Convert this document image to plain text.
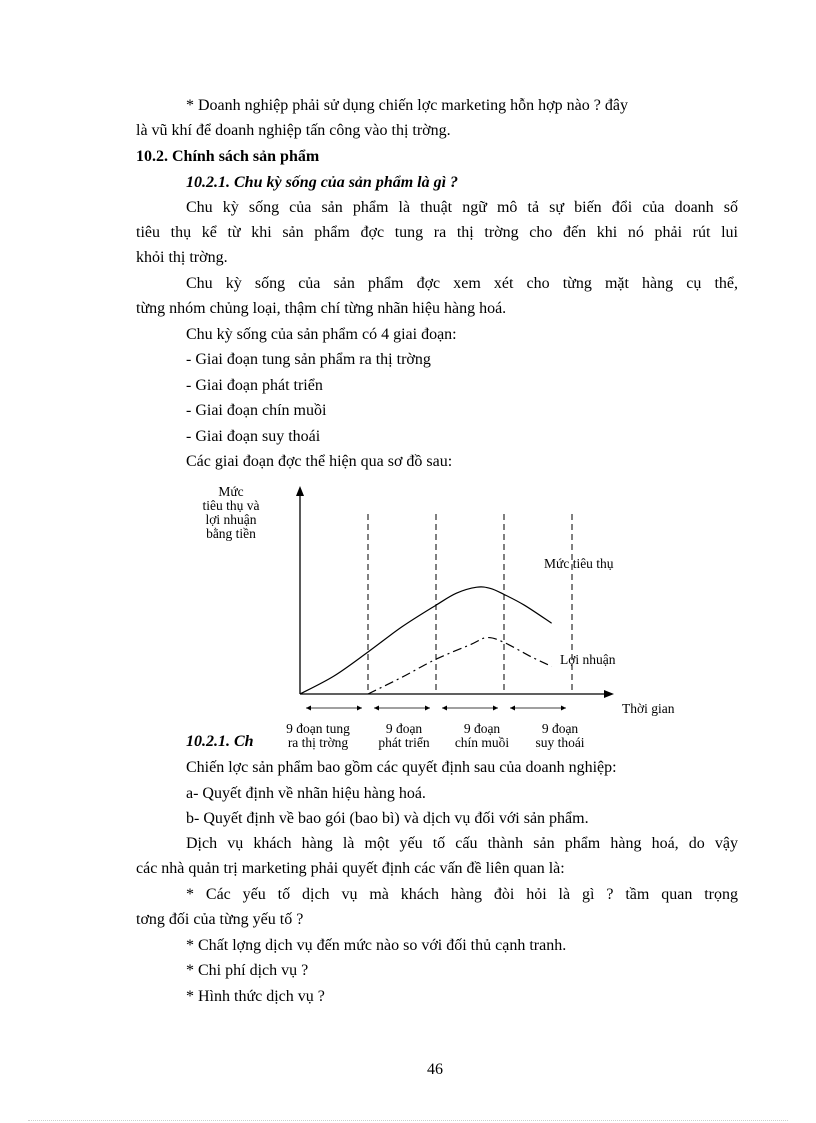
* Doanh nghiệp phải sử dụng chiến lợc marketing hỗn hợp nào ? đây
là vũ khí để doanh nghiệp tấn công vào thị trờng.
10.2. Chính sách sản phẩm
10.2.1. Chu kỳ sống của sản phẩm là gì ?
Chu kỳ sống của sản phẩm là thuật ngữ mô tả sự biến đổi của doanh số
tiêu thụ kể từ khi sản phẩm đợc tung ra thị trờng cho đến khi nó phải rút lui
khỏi thị trờng.
Chu kỳ sống của sản phẩm đợc xem xét cho từng mặt hàng cụ thể,
từng nhóm chủng loại, thậm chí từng nhãn hiệu hàng hoá.
Chu kỳ sống của sản phẩm có 4 giai đoạn:
- Giai đoạn tung sản phẩm ra thị trờng
- Giai đoạn phát triển
- Giai đoạn chín muồi
- Giai đoạn suy thoái
Các giai đoạn đợc thể hiện qua sơ đồ sau:
Mức
tiêu thụ và
lợi nhuận
bằng tiền
Mức tiêu thụ
Lợi nhuận
Thời gian
10.2.1. Ch
9 đoạn tung
ra thị trờng
9 đoạn
phát triển
9 đoạn
chín muồi
9 đoạn
suy thoái
Chiến lợc sản phẩm bao gồm các quyết định sau của doanh nghiệp:
a- Quyết định về nhãn hiệu hàng hoá.
b- Quyết định về bao gói (bao bì) và dịch vụ đối với sản phẩm.
Dịch vụ khách hàng là một yếu tố cấu thành sản phẩm hàng hoá, do vậy
các nhà quản trị marketing phải quyết định các vấn đề liên quan là:
* Các yếu tố dịch vụ mà khách hàng đòi hỏi là gì ? tầm quan trọng
tơng đối của từng yếu tố ?
* Chất lợng dịch vụ đến mức nào so với đối thủ cạnh tranh.
* Chi phí dịch vụ ?
* Hình thức dịch vụ ?
46
